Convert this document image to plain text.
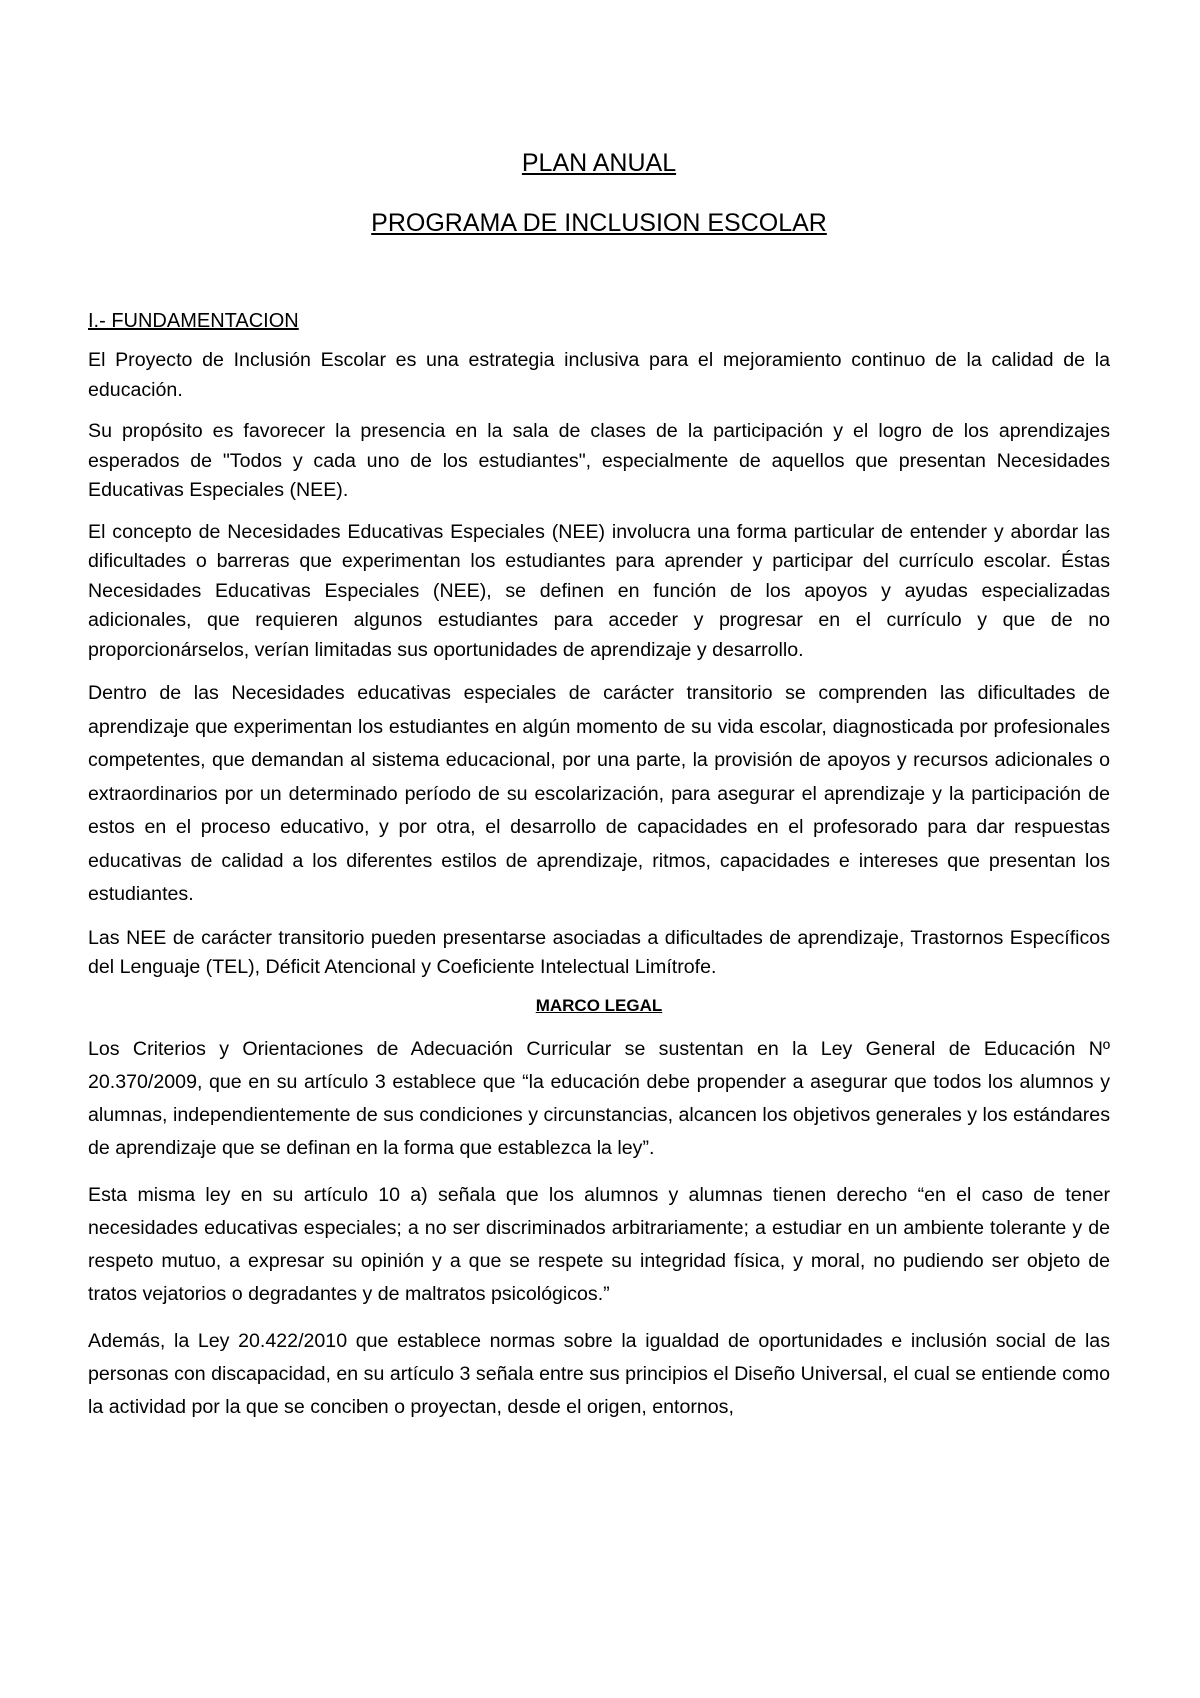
PLAN ANUAL
PROGRAMA DE INCLUSION ESCOLAR
I.- FUNDAMENTACION

El Proyecto de Inclusión Escolar es una estrategia inclusiva para el mejoramiento continuo de la calidad de la educación.

Su propósito es favorecer la presencia en la sala de clases de la participación y el logro de los aprendizajes esperados de "Todos y cada uno de los estudiantes", especialmente de aquellos que presentan Necesidades Educativas Especiales (NEE).

El concepto de Necesidades Educativas Especiales (NEE) involucra una forma particular de entender y abordar las dificultades o barreras que experimentan los estudiantes para aprender y participar del currículo escolar. Éstas Necesidades Educativas Especiales (NEE), se definen en función de los apoyos y ayudas especializadas adicionales, que requieren algunos estudiantes para acceder y progresar en el currículo y que de no proporcionárselos, verían limitadas sus oportunidades de aprendizaje y desarrollo.

Dentro de las Necesidades educativas especiales de carácter transitorio se comprenden las dificultades de aprendizaje que experimentan los estudiantes en algún momento de su vida escolar, diagnosticada por profesionales competentes, que demandan al sistema educacional, por una parte, la provisión de apoyos y recursos adicionales o extraordinarios por un determinado período de su escolarización, para asegurar el aprendizaje y la participación de estos en el proceso educativo, y por otra, el desarrollo de capacidades en el profesorado para dar respuestas educativas de calidad a los diferentes estilos de aprendizaje, ritmos, capacidades e intereses que presentan los estudiantes.

Las NEE de carácter transitorio pueden presentarse asociadas a dificultades de aprendizaje, Trastornos Específicos del Lenguaje (TEL), Déficit Atencional y Coeficiente Intelectual Limítrofe.

MARCO LEGAL

Los Criterios y Orientaciones de Adecuación Curricular se sustentan en la Ley General de Educación Nº 20.370/2009, que en su artículo 3 establece que “la educación debe propender a asegurar que todos los alumnos y alumnas, independientemente de sus condiciones y circunstancias, alcancen los objetivos generales y los estándares de aprendizaje que se definan en la forma que establezca la ley”.

Esta misma ley en su artículo 10 a) señala que los alumnos y alumnas tienen derecho “en el caso de tener necesidades educativas especiales; a no ser discriminados arbitrariamente; a estudiar en un ambiente tolerante y de respeto mutuo, a expresar su opinión y a que se respete su integridad física, y moral, no pudiendo ser objeto de tratos vejatorios o degradantes y de maltratos psicológicos.”

Además, la Ley 20.422/2010 que establece normas sobre la igualdad de oportunidades e inclusión social de las personas con discapacidad, en su artículo 3 señala entre sus principios el Diseño Universal, el cual se entiende como la actividad por la que se conciben o proyectan, desde el origen, entornos,
